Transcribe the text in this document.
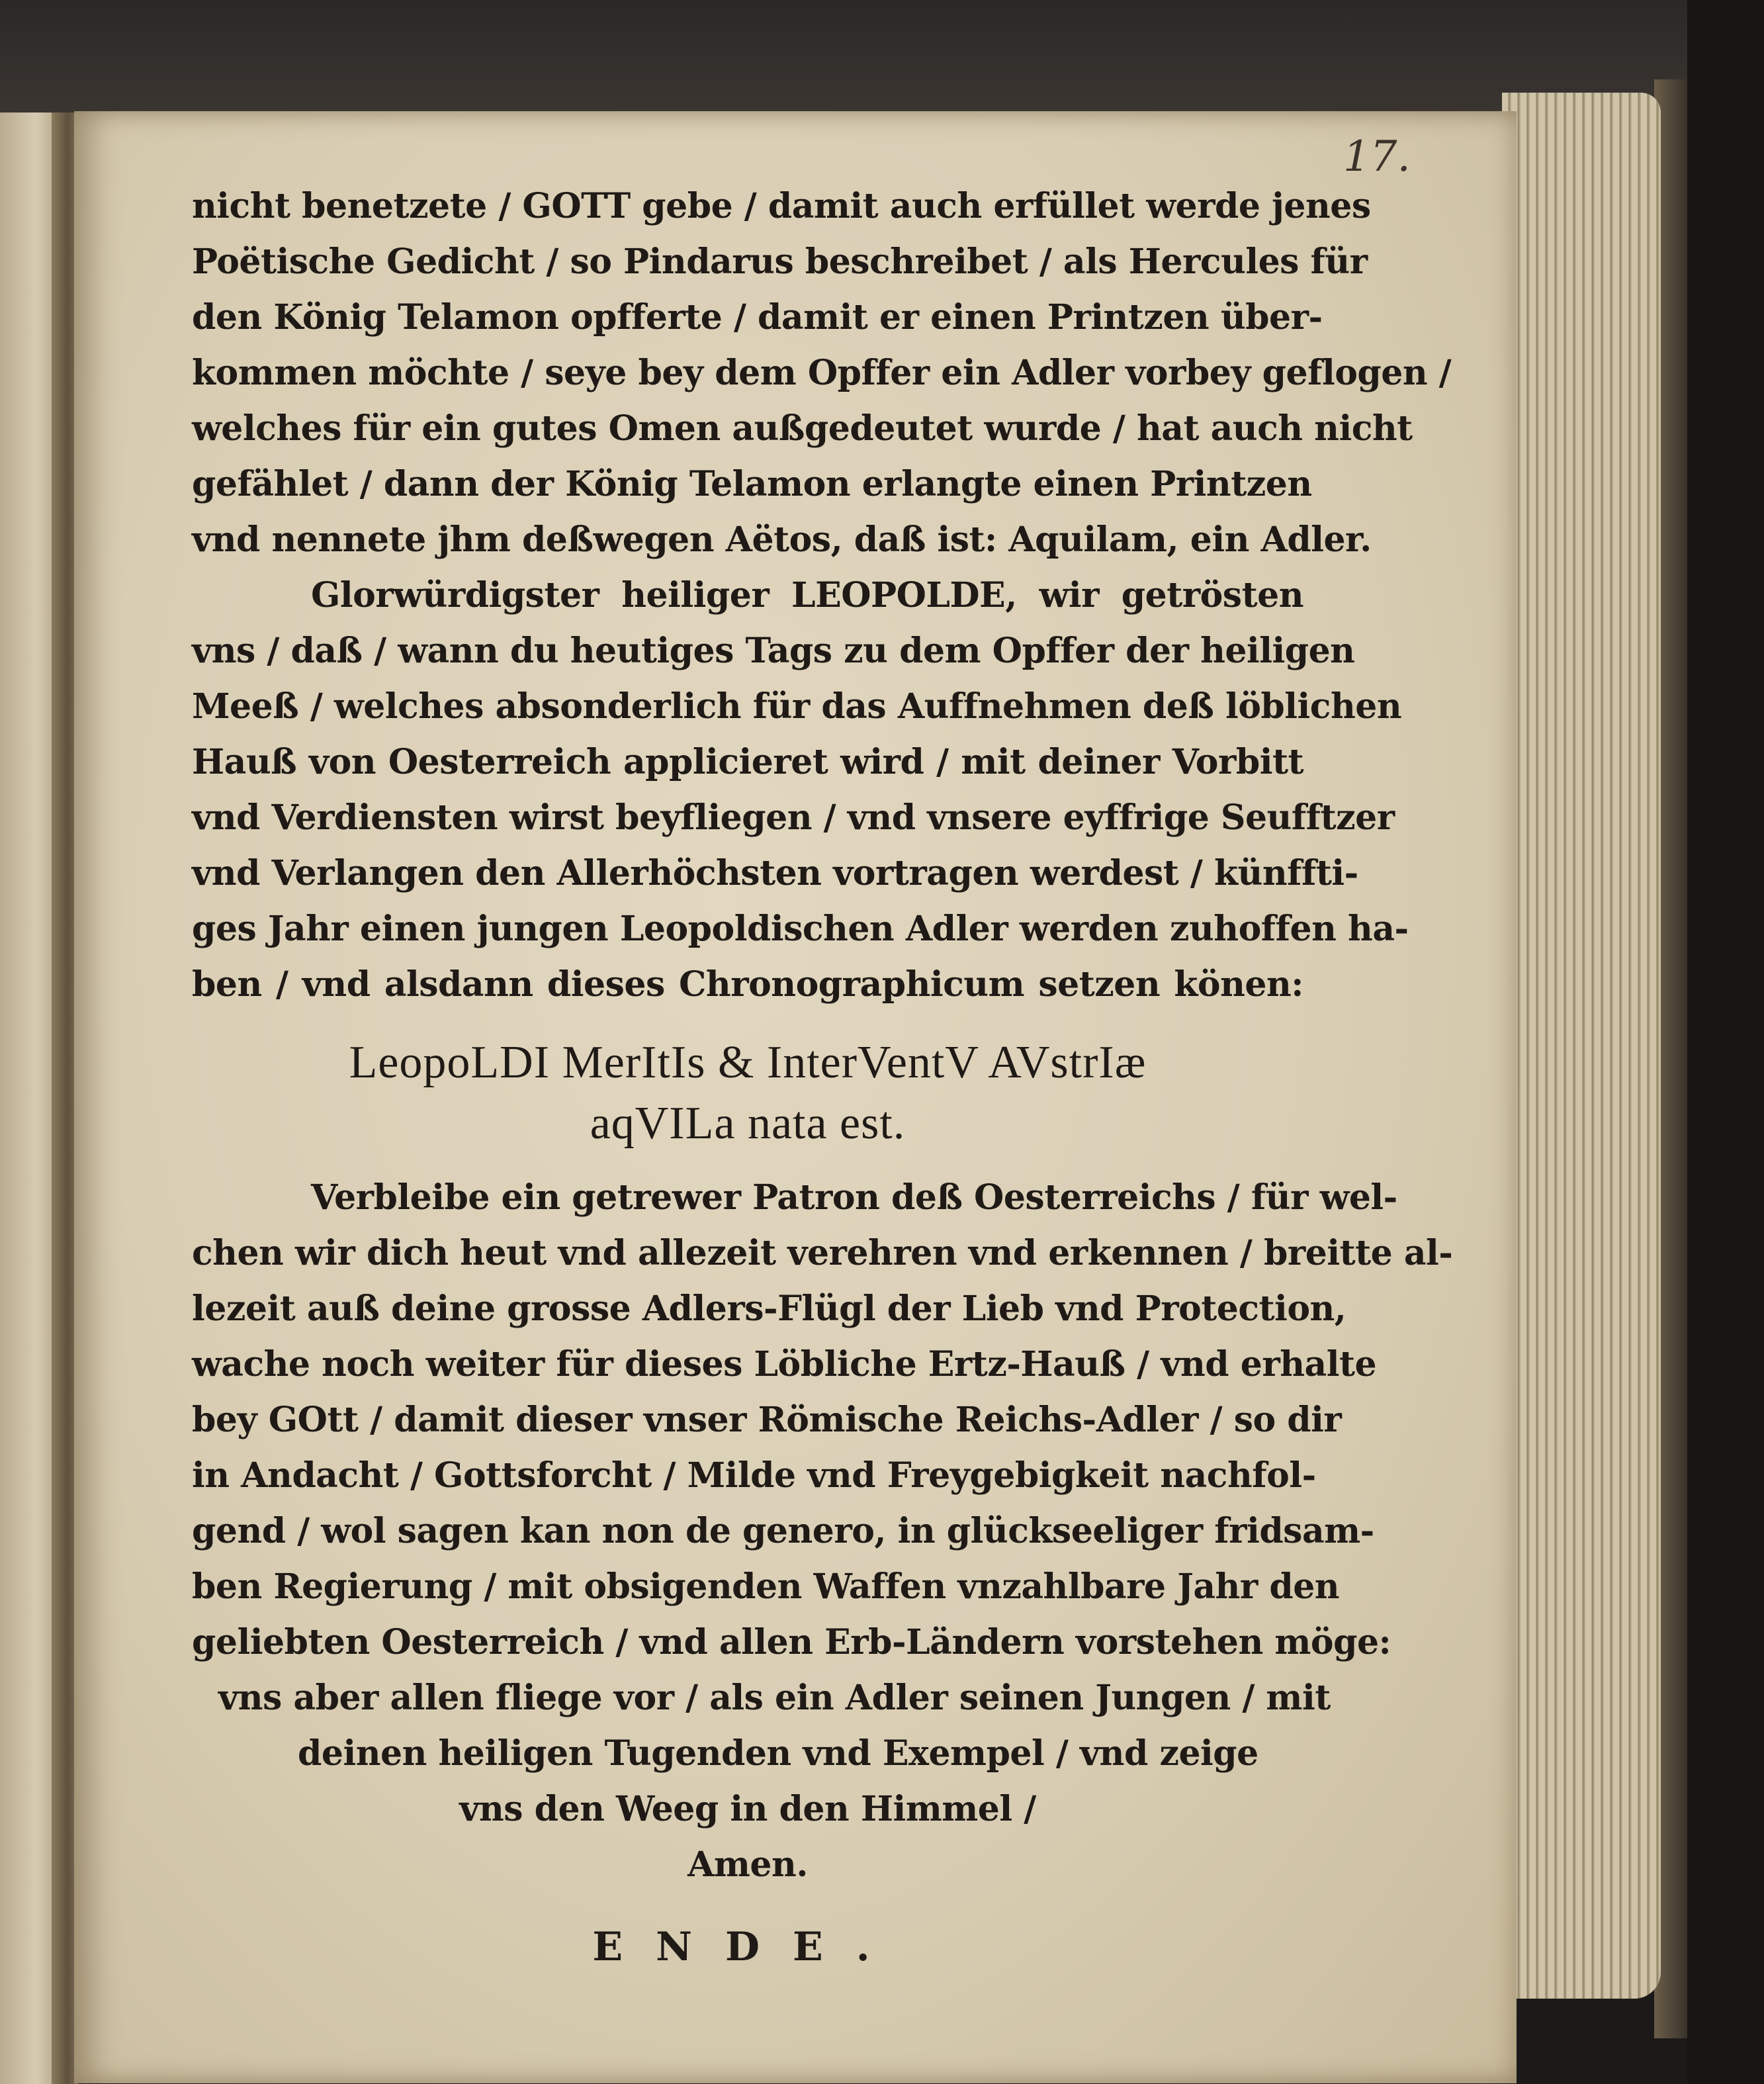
17.
nicht benetzete / GOTT gebe / damit auch erfüllet werde jenes
Poëtische Gedicht / so Pindarus beschreibet / als Hercules für
den König Telamon opfferte / damit er einen Printzen über-
kommen möchte / seye bey dem Opffer ein Adler vorbey geflogen /
welches für ein gutes Omen außgedeutet wurde / hat auch nicht
gefählet / dann der König Telamon erlangte einen Printzen
vnd nennete jhm deßwegen Aëtos, daß ist: Aquilam, ein Adler.
Glorwürdigster heiliger LEOPOLDE, wir getrösten
vns / daß / wann du heutiges Tags zu dem Opffer der heiligen
Meeß / welches absonderlich für das Auffnehmen deß löblichen
Hauß von Oesterreich applicieret wird / mit deiner Vorbitt
vnd Verdiensten wirst beyfliegen / vnd vnsere eyffrige Seufftzer
vnd Verlangen den Allerhöchsten vortragen werdest / künffti-
ges Jahr einen jungen Leopoldischen Adler werden zuhoffen ha-
ben / vnd alsdann dieses Chronographicum setzen könen:
LeopoLDI MerItIs & InterVentV AVstrIæ
aqVILa nata est.
Verbleibe ein getrewer Patron deß Oesterreichs / für wel-
chen wir dich heut vnd allezeit verehren vnd erkennen / breitte al-
lezeit auß deine grosse Adlers-Flügl der Lieb vnd Protection,
wache noch weiter für dieses Löbliche Ertz-Hauß / vnd erhalte
bey GOtt / damit dieser vnser Römische Reichs-Adler / so dir
in Andacht / Gottsforcht / Milde vnd Freygebigkeit nachfol-
gend / wol sagen kan non de genero, in glückseeliger fridsam-
ben Regierung / mit obsigenden Waffen vnzahlbare Jahr den
geliebten Oesterreich / vnd allen Erb-Ländern vorstehen möge:
vns aber allen fliege vor / als ein Adler seinen Jungen / mit
deinen heiligen Tugenden vnd Exempel / vnd zeige
vns den Weeg in den Himmel /
Amen.
ENDE.
